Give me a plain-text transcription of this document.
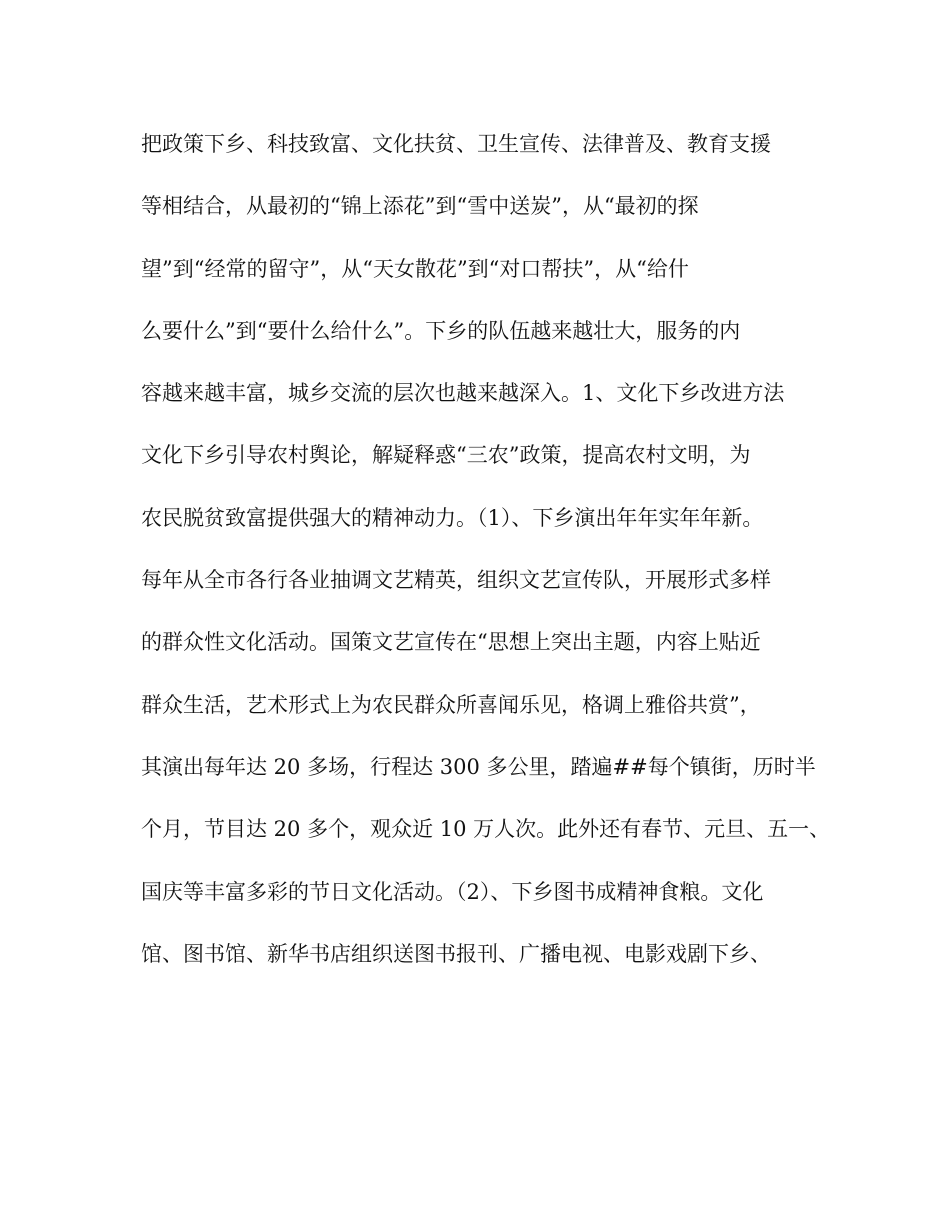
把政策下乡、科技致富、文化扶贫、卫生宣传、法律普及、教育支援
等相结合，从最初的“锦上添花”到“雪中送炭”，从“最初的探
望”到“经常的留守”，从“天女散花”到“对口帮扶”，从“给什
么要什么”到“要什么给什么”。下乡的队伍越来越壮大，服务的内
容越来越丰富，城乡交流的层次也越来越深入。1、文化下乡改进方法
文化下乡引导农村舆论，解疑释惑“三农”政策，提高农村文明，为
农民脱贫致富提供强大的精神动力。（1）、下乡演出年年实年年新。
每年从全市各行各业抽调文艺精英，组织文艺宣传队，开展形式多样
的群众性文化活动。国策文艺宣传在“思想上突出主题，内容上贴近
群众生活，艺术形式上为农民群众所喜闻乐见，格调上雅俗共赏”，
其演出每年达 20 多场，行程达 300 多公里，踏遍##每个镇街，历时半
个月，节目达 20 多个，观众近 10 万人次。此外还有春节、元旦、五一、
国庆等丰富多彩的节日文化活动。（2）、下乡图书成精神食粮。文化
馆、图书馆、新华书店组织送图书报刊、广播电视、电影戏剧下乡、
